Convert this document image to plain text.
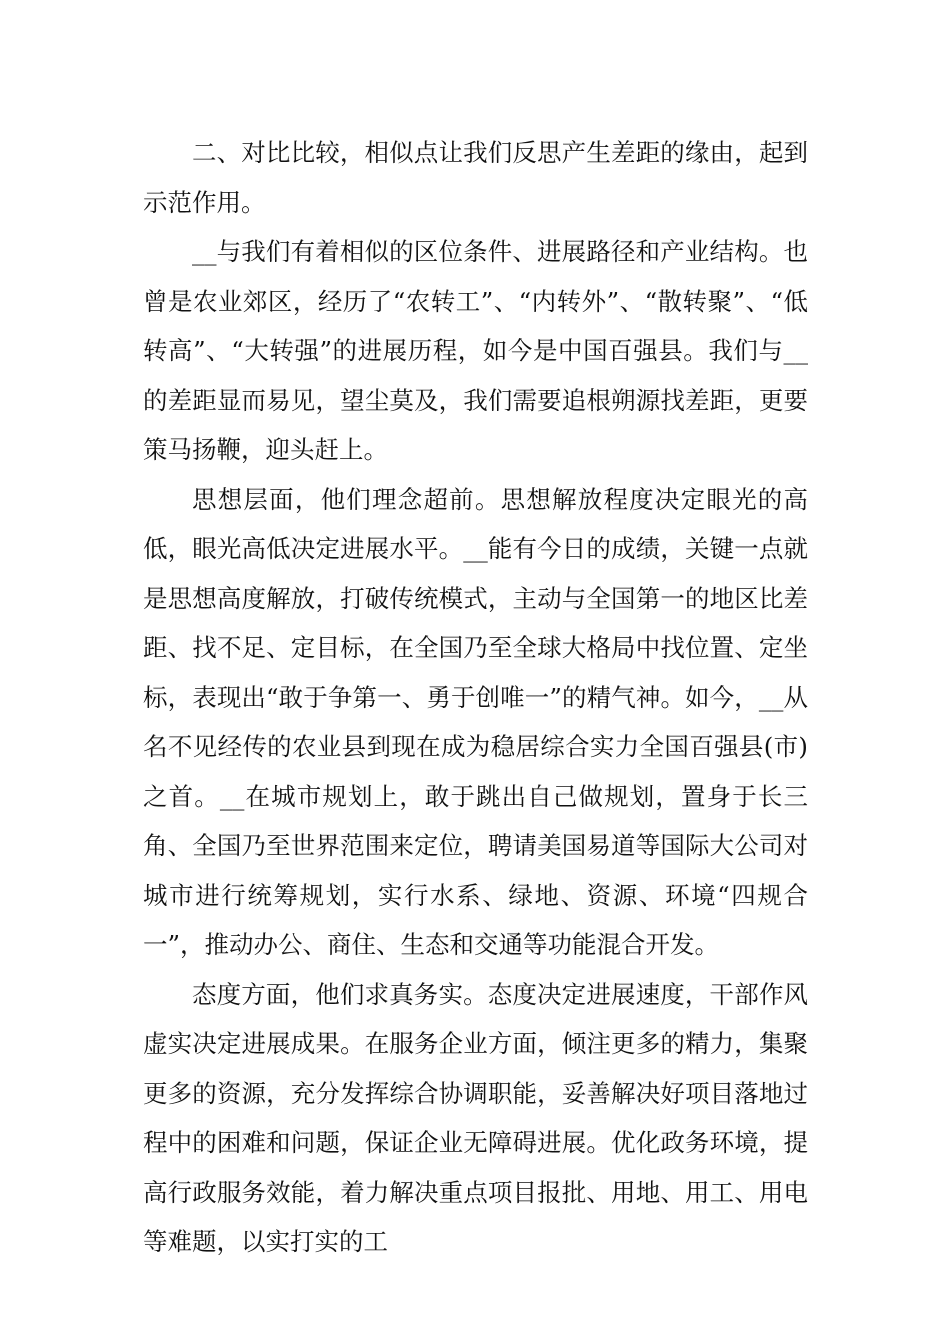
二、对比比较，相似点让我们反思产生差距的缘由，起到示范作用。

__与我们有着相似的区位条件、进展路径和产业结构。也曾是农业郊区，经历了“农转工”、“内转外”、“散转聚”、“低转高”、“大转强”的进展历程，如今是中国百强县。我们与__的差距显而易见，望尘莫及，我们需要追根朔源找差距，更要策马扬鞭，迎头赶上。

思想层面，他们理念超前。思想解放程度决定眼光的高低，眼光高低决定进展水平。__能有今日的成绩，关键一点就是思想高度解放，打破传统模式，主动与全国第一的地区比差距、找不足、定目标，在全国乃至全球大格局中找位置、定坐标，表现出“敢于争第一、勇于创唯一”的精气神。如今，__从名不见经传的农业县到现在成为稳居综合实力全国百强县(市)之首。__在城市规划上，敢于跳出自己做规划，置身于长三角、全国乃至世界范围来定位，聘请美国易道等国际大公司对城市进行统筹规划，实行水系、绿地、资源、环境“四规合一”，推动办公、商住、生态和交通等功能混合开发。

态度方面，他们求真务实。态度决定进展速度，干部作风虚实决定进展成果。在服务企业方面，倾注更多的精力，集聚更多的资源，充分发挥综合协调职能，妥善解决好项目落地过程中的困难和问题，保证企业无障碍进展。优化政务环境，提高行政服务效能，着力解决重点项目报批、用地、用工、用电等难题，以实打实的工
